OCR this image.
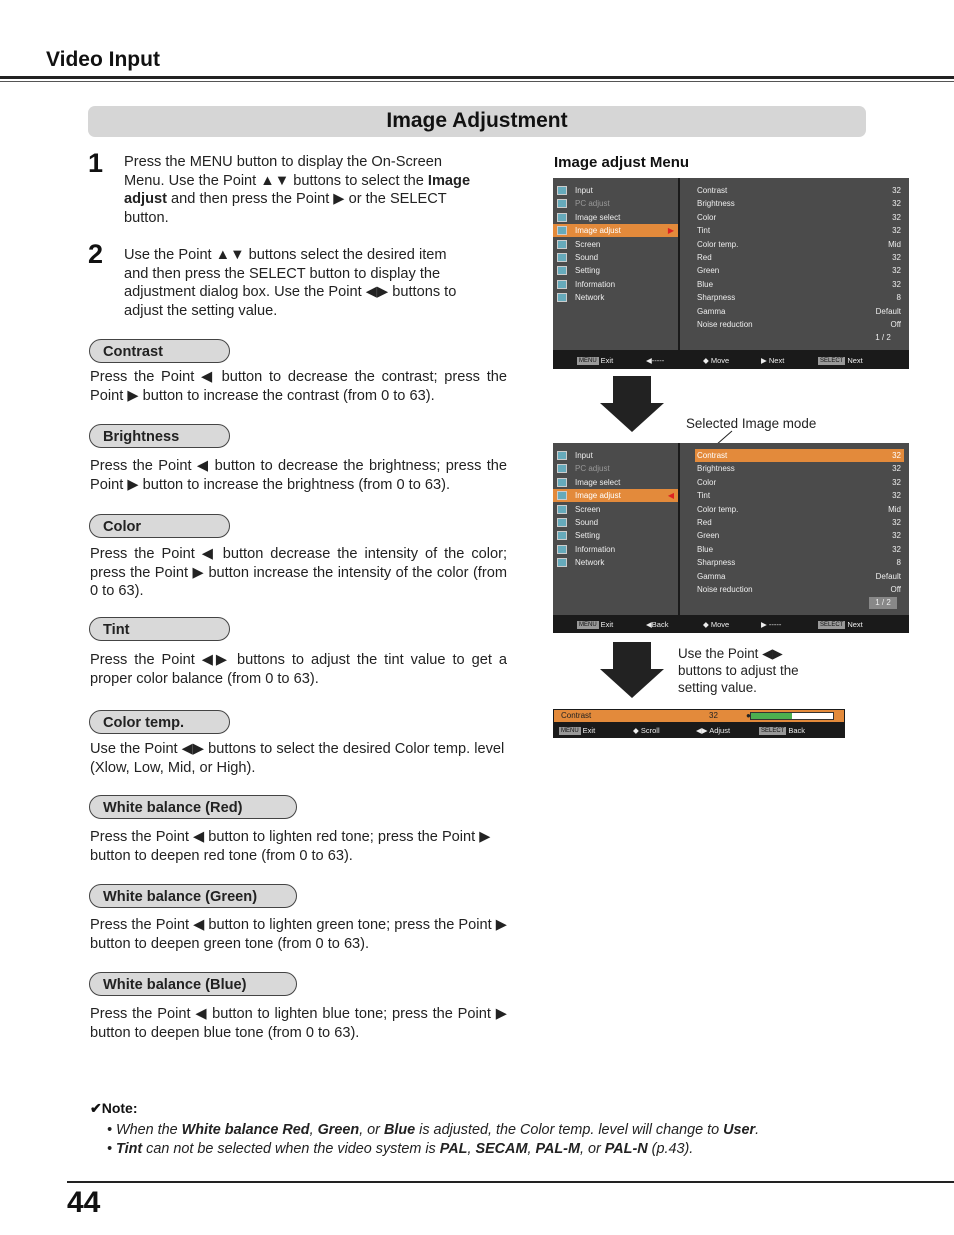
Video Input
Image Adjustment
1 Press the MENU button to display the On-Screen
Menu. Use the Point ▲▼ buttons to select the Image
adjust and then press the Point ▶ or the SELECT
button.
2 Use the Point ▲▼ buttons select the desired item
and then press the SELECT button to display the
adjustment dialog box. Use the Point ◀▶ buttons to
adjust the setting value.
Contrast
Press the Point ◀ button to decrease the contrast; press the Point ▶ button to increase the contrast (from 0 to 63).
Brightness
Press the Point ◀ button to decrease the brightness; press the Point ▶ button to increase the brightness (from 0 to 63).
Color
Press the Point ◀ button decrease the intensity of the color; press the Point ▶ button increase the intensity of the color (from 0 to 63).
Tint
Press the Point ◀▶ buttons to adjust the tint value to get a proper color balance (from 0 to 63).
Color temp.
Use the Point ◀▶ buttons to select the desired Color temp. level (Xlow, Low, Mid, or High).
White balance (Red)
Press the Point ◀ button to lighten red tone; press the Point ▶ button to deepen red tone (from 0 to 63).
White balance (Green)
Press the Point ◀ button to lighten green tone; press the Point ▶ button to deepen green tone (from 0 to 63).
White balance (Blue)
Press the Point ◀ button to lighten blue tone; press the Point ▶ button to deepen blue tone (from 0 to 63).
Image adjust Menu
Input
PC adjust
Image select
Image adjust	▶
Screen
Sound
Setting
Information
Network
Contrast	32
Brightness	32
Color	32
Tint	32
Color temp.	Mid
Red	32
Green	32
Blue	32
Sharpness	8
Gamma	Default
Noise reduction	Off
1 / 2
MENU Exit	◀-----	◆ Move	▶ Next	SELECT Next
Selected Image mode
Input
PC adjust
Image select
Image adjust	◀
Screen
Sound
Setting
Information
Network
Contrast	32
Brightness	32
Color	32
Tint	32
Color temp.	Mid
Red	32
Green	32
Blue	32
Sharpness	8
Gamma	Default
Noise reduction	Off
1 / 2
MENU Exit	◀Back	◆ Move	▶ -----	SELECT Next
Use the Point ◀▶
buttons to adjust the
setting value.
Contrast	32	●
MENU Exit	◆ Scroll	◀▶ Adjust	SELECT Back
✔Note:
• When the White balance Red, Green, or Blue is adjusted, the Color temp. level will change to User.
• Tint can not be selected when the video system is PAL, SECAM, PAL-M, or PAL-N (p.43).
44
